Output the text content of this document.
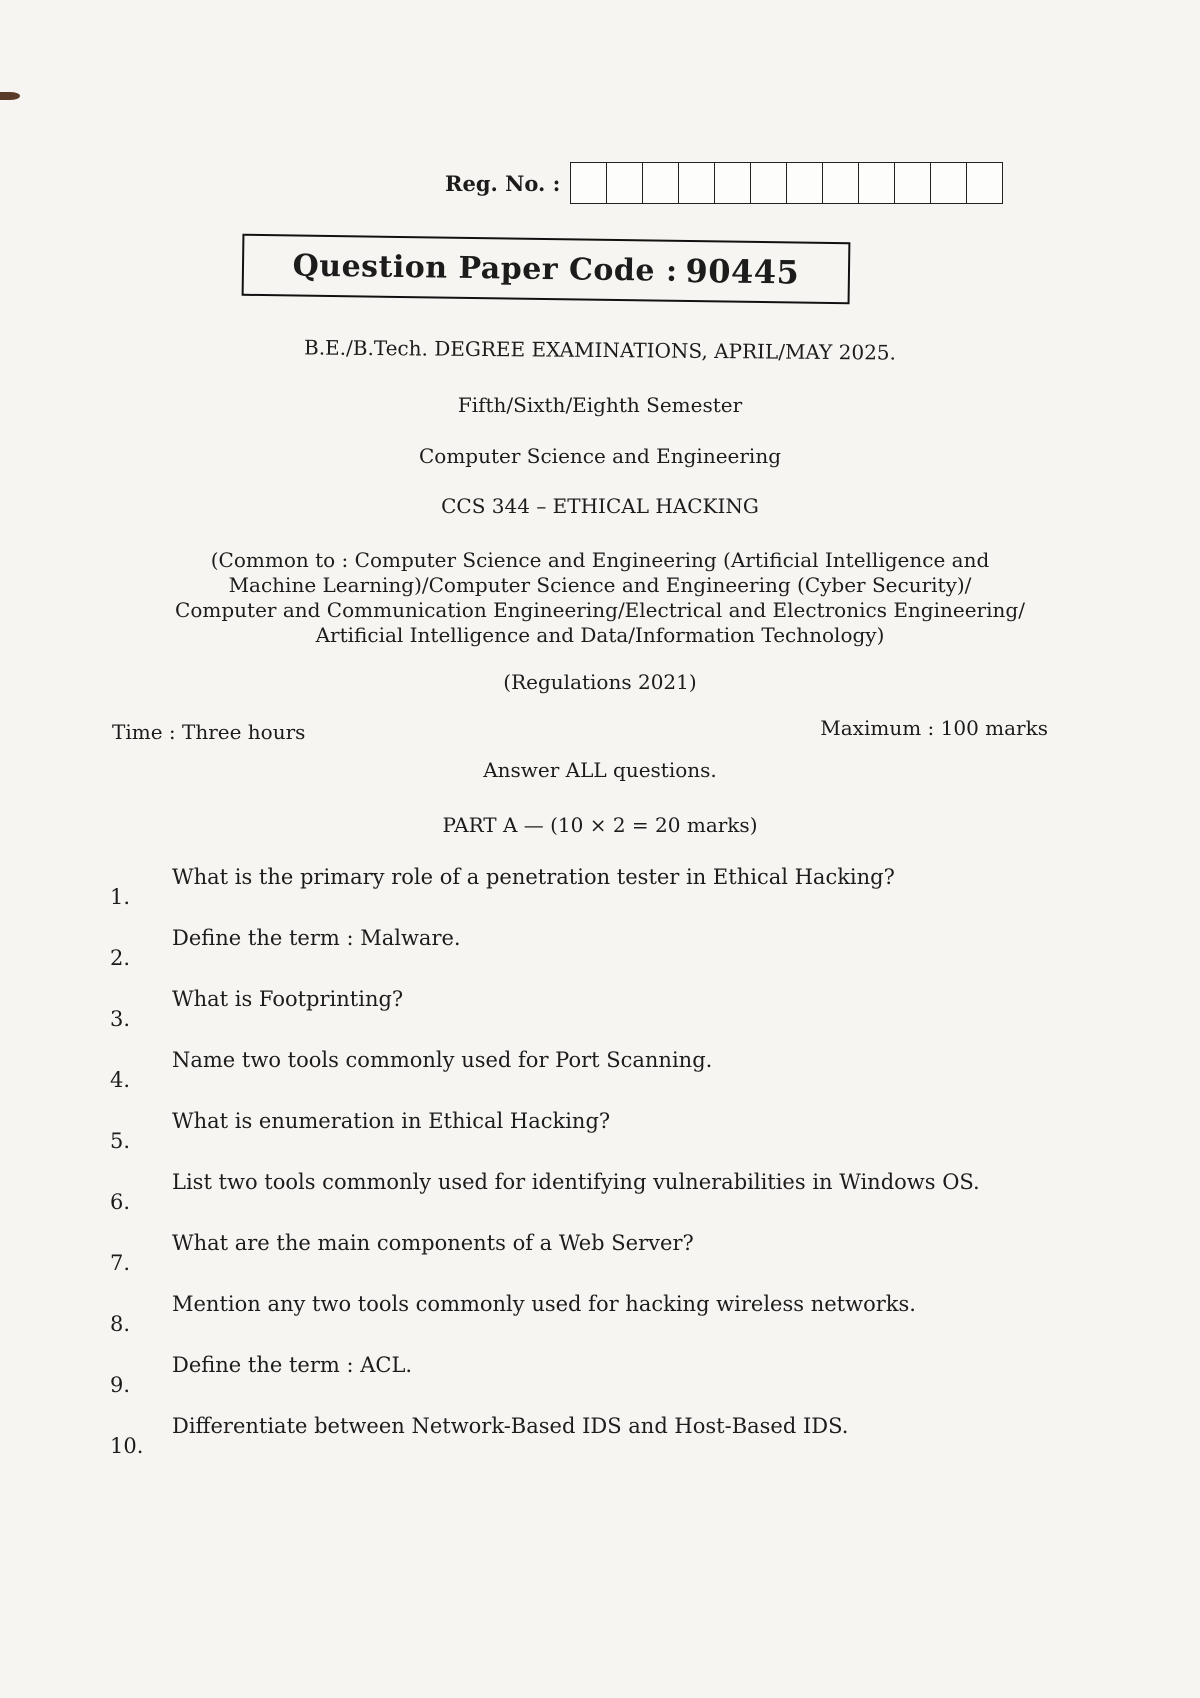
Reg. No. :
Question Paper Code : 90445
B.E./B.Tech. DEGREE EXAMINATIONS, APRIL/MAY 2025.
Fifth/Sixth/Eighth Semester
Computer Science and Engineering
CCS 344 – ETHICAL HACKING
(Common to : Computer Science and Engineering (Artificial Intelligence and
Machine Learning)/Computer Science and Engineering (Cyber Security)/
Computer and Communication Engineering/Electrical and Electronics Engineering/
Artificial Intelligence and Data/Information Technology)
(Regulations 2021)
Time : Three hours	Maximum : 100 marks
Answer ALL questions.
PART A — (10 × 2 = 20 marks)
1.
What is the primary role of a penetration tester in Ethical Hacking?
2.
Define the term : Malware.
3.
What is Footprinting?
4.
Name two tools commonly used for Port Scanning.
5.
What is enumeration in Ethical Hacking?
6.
List two tools commonly used for identifying vulnerabilities in Windows OS.
7.
What are the main components of a Web Server?
8.
Mention any two tools commonly used for hacking wireless networks.
9.
Define the term : ACL.
10.
Differentiate between Network-Based IDS and Host-Based IDS.
